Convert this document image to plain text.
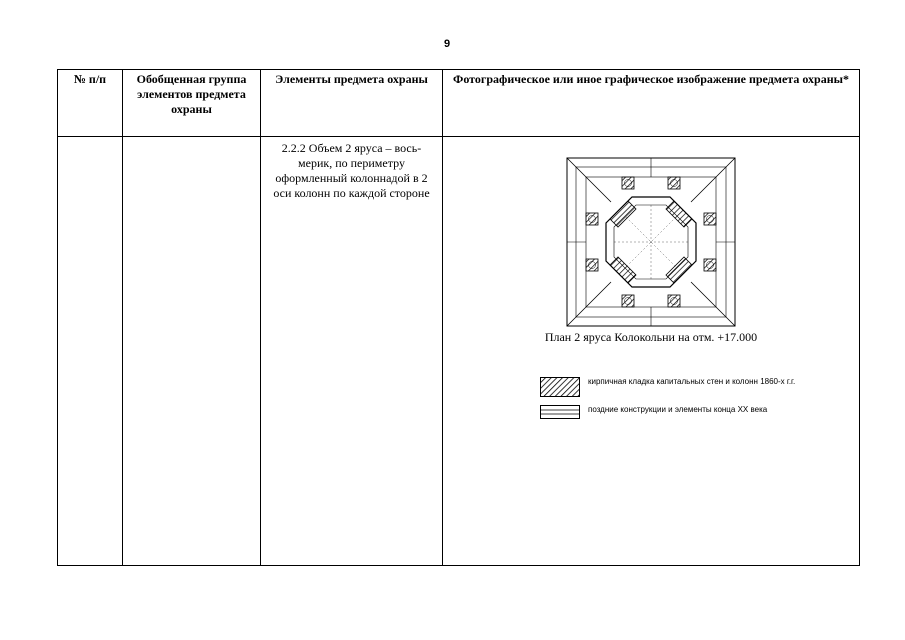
9
№ п/п	Обобщенная группа элементов предмета охраны	Элементы предмета охраны	Фотографическое или иное графическое изображение предмета охраны*

		2.2.2 Объем 2 яруса – вось-мерик, по периметру оформленный колоннадой в 2 оси колонн по каждой стороне	План 2 яруса Колокольни на отм. +17.000
кирпичная кладка капитальных стен и колонн 1860-х г.г.
поздние конструкции и элементы конца XX века
